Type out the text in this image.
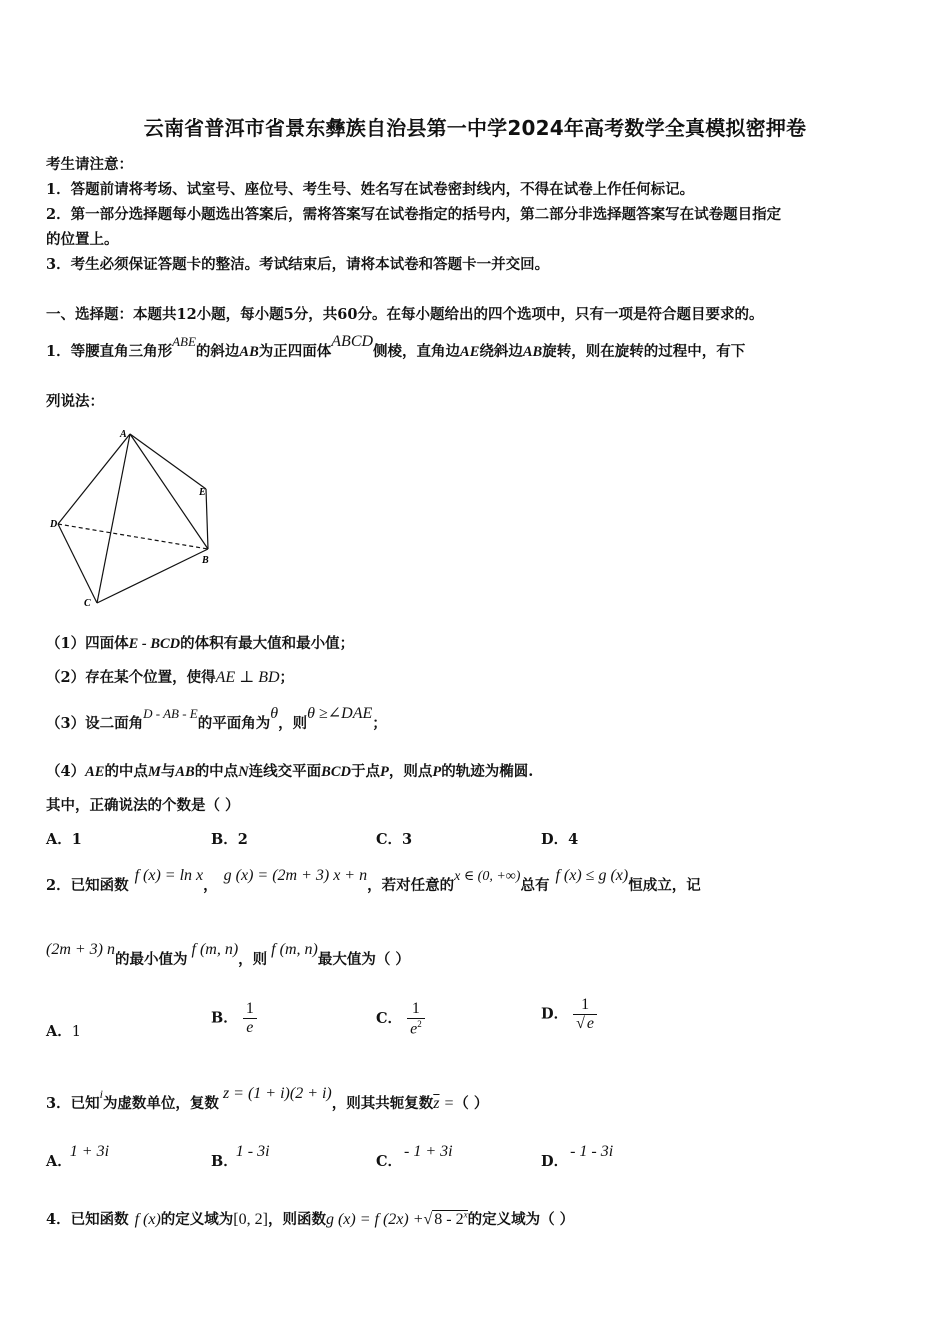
云南省普洱市省景东彝族自治县第一中学2024年高考数学全真模拟密押卷
考生请注意：
1．答题前请将考场、试室号、座位号、考生号、姓名写在试卷密封线内，不得在试卷上作任何标记。
2．第一部分选择题每小题选出答案后，需将答案写在试卷指定的括号内，第二部分非选择题答案写在试卷题目指定
的位置上。
3．考生必须保证答题卡的整洁。考试结束后，请将本试卷和答题卡一并交回。
一、选择题：本题共12小题，每小题5分，共60分。在每小题给出的四个选项中，只有一项是符合题目要求的。
1．等腰直角三角形ABE的斜边AB为正四面体ABCD侧棱，直角边AE绕斜边AB旋转，则在旋转的过程中，有下
列说法：
A
E
D
B
C
（1）四面体E - BCD的体积有最大值和最小值；
（2）存在某个位置，使得AE ⊥ BD；
（3）设二面角D - AB - E的平面角为θ，则θ ≥∠DAE；
（4）AE的中点M与AB的中点N连线交平面BCD于点P，则点P的轨迹为椭圆.
其中，正确说法的个数是（ ）
A．1	B．2	C．3	D．4
2．已知函数f (x) = ln x，g (x) = (2m + 3) x + n，若对任意的x ∈ (0, +∞)总有f (x) ≤ g (x)恒成立，记
(2m + 3) n的最小值为f (m, n)，则f (m, n)最大值为（ ）
A．1
B． $\frac{1}{e}$	C． $\frac{1}{e^2}$	D． $\frac{1}{√ e}$
3．已知$^i$为虚数单位，复数z = (1 + i)(2 + i)，则其共轭复数$\overline{z}$ =（ ）
A．1 + 3i
B．1 - 3i
C．- 1 + 3i
D．- 1 - 3i
4．已知函数 f (x)的定义域为[0, 2]，则函数g (x) = f (2x) +√ 8 - 2$^x$的定义域为（ ）
